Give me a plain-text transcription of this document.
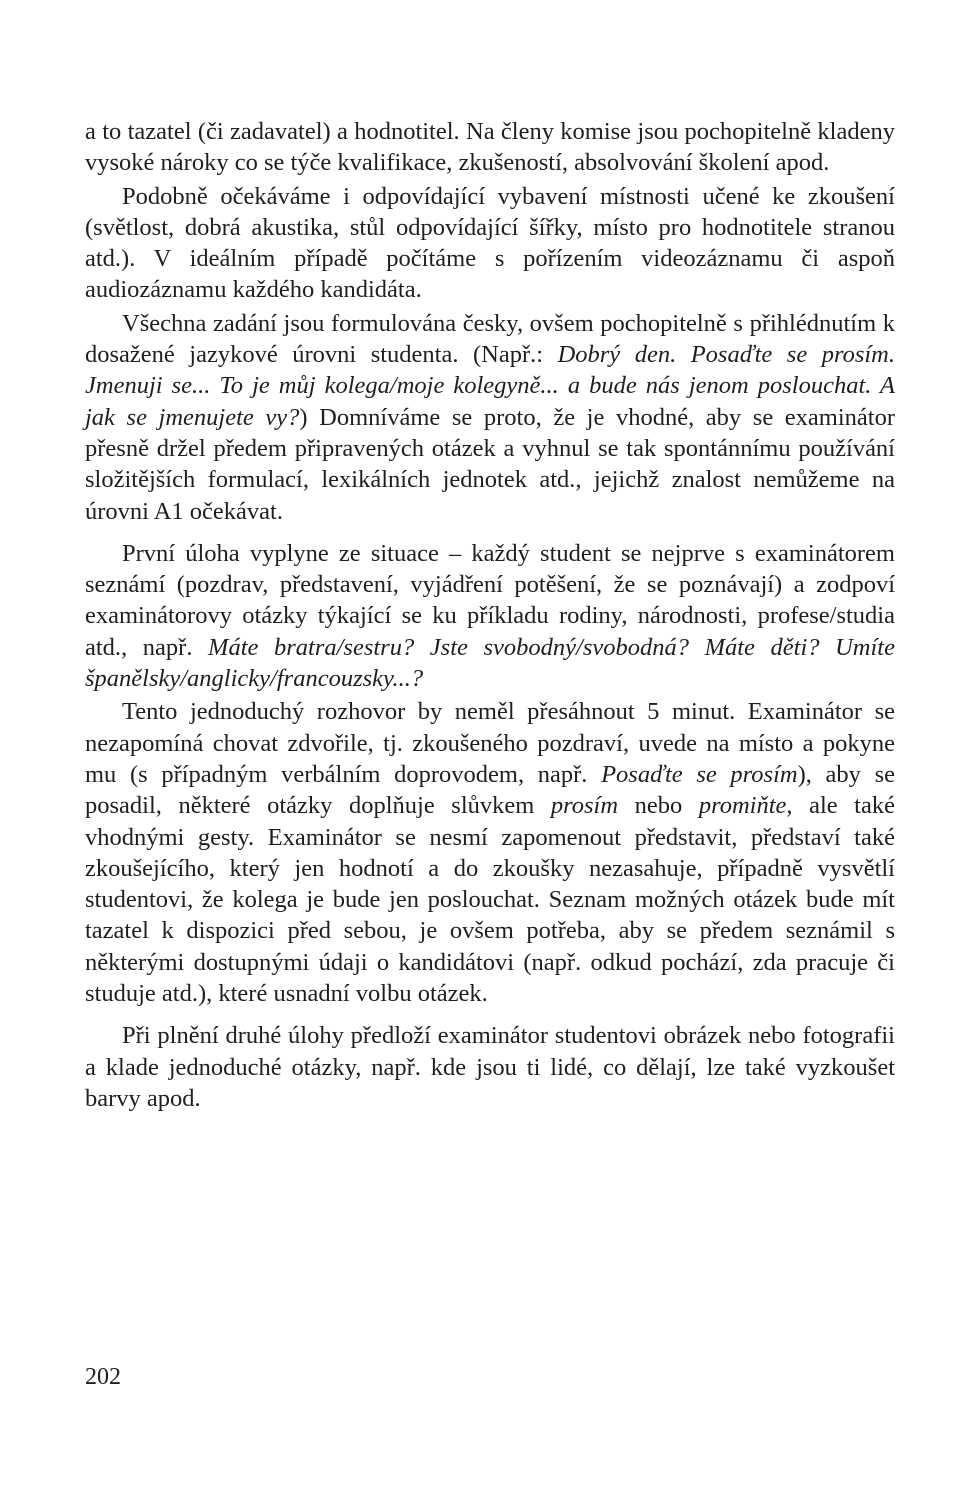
a to tazatel (či zadavatel) a hodnotitel. Na členy komise jsou pochopitelně kladeny vysoké nároky co se týče kvalifikace, zkušeností, absolvování školení apod.

Podobně očekáváme i odpovídající vybavení místnosti učené ke zkoušení (světlost, dobrá akustika, stůl odpovídající šířky, místo pro hodnotitele stranou atd.). V ideálním případě počítáme s pořízením videozáznamu či aspoň audiozáznamu každého kandidáta.

Všechna zadání jsou formulována česky, ovšem pochopitelně s přihlédnutím k dosažené jazykové úrovni studenta. (Např.: Dobrý den. Posaďte se prosím. Jmenuji se... To je můj kolega/moje kolegyně... a bude nás jenom poslouchat. A jak se jmenujete vy?) Domníváme se proto, že je vhodné, aby se examinátor přesně držel předem připravených otázek a vyhnul se tak spontánnímu používání složitějších formulací, lexikálních jednotek atd., jejichž znalost nemůžeme na úrovni A1 očekávat.

První úloha vyplyne ze situace – každý student se nejprve s examinátorem seznámí (pozdrav, představení, vyjádření potěšení, že se poznávají) a zodpoví examinátorovy otázky týkající se ku příkladu rodiny, národnosti, profese/studia atd., např. Máte bratra/sestru? Jste svobodný/svobodná? Máte děti? Umíte španělsky/anglicky/francouzsky...?

Tento jednoduchý rozhovor by neměl přesáhnout 5 minut. Examinátor se nezapomíná chovat zdvořile, tj. zkoušeného pozdraví, uvede na místo a pokyne mu (s případným verbálním doprovodem, např. Posaďte se prosím), aby se posadil, některé otázky doplňuje slůvkem prosím nebo promiňte, ale také vhodnými gesty. Examinátor se nesmí zapomenout představit, představí také zkoušejícího, který jen hodnotí a do zkoušky nezasahuje, případně vysvětlí studentovi, že kolega je bude jen poslouchat. Seznam možných otázek bude mít tazatel k dispozici před sebou, je ovšem potřeba, aby se předem seznámil s některými dostupnými údaji o kandidátovi (např. odkud pochází, zda pracuje či studuje atd.), které usnadní volbu otázek.

Při plnění druhé úlohy předloží examinátor studentovi obrázek nebo fotografii a klade jednoduché otázky, např. kde jsou ti lidé, co dělají, lze také vyzkoušet barvy apod.

202
